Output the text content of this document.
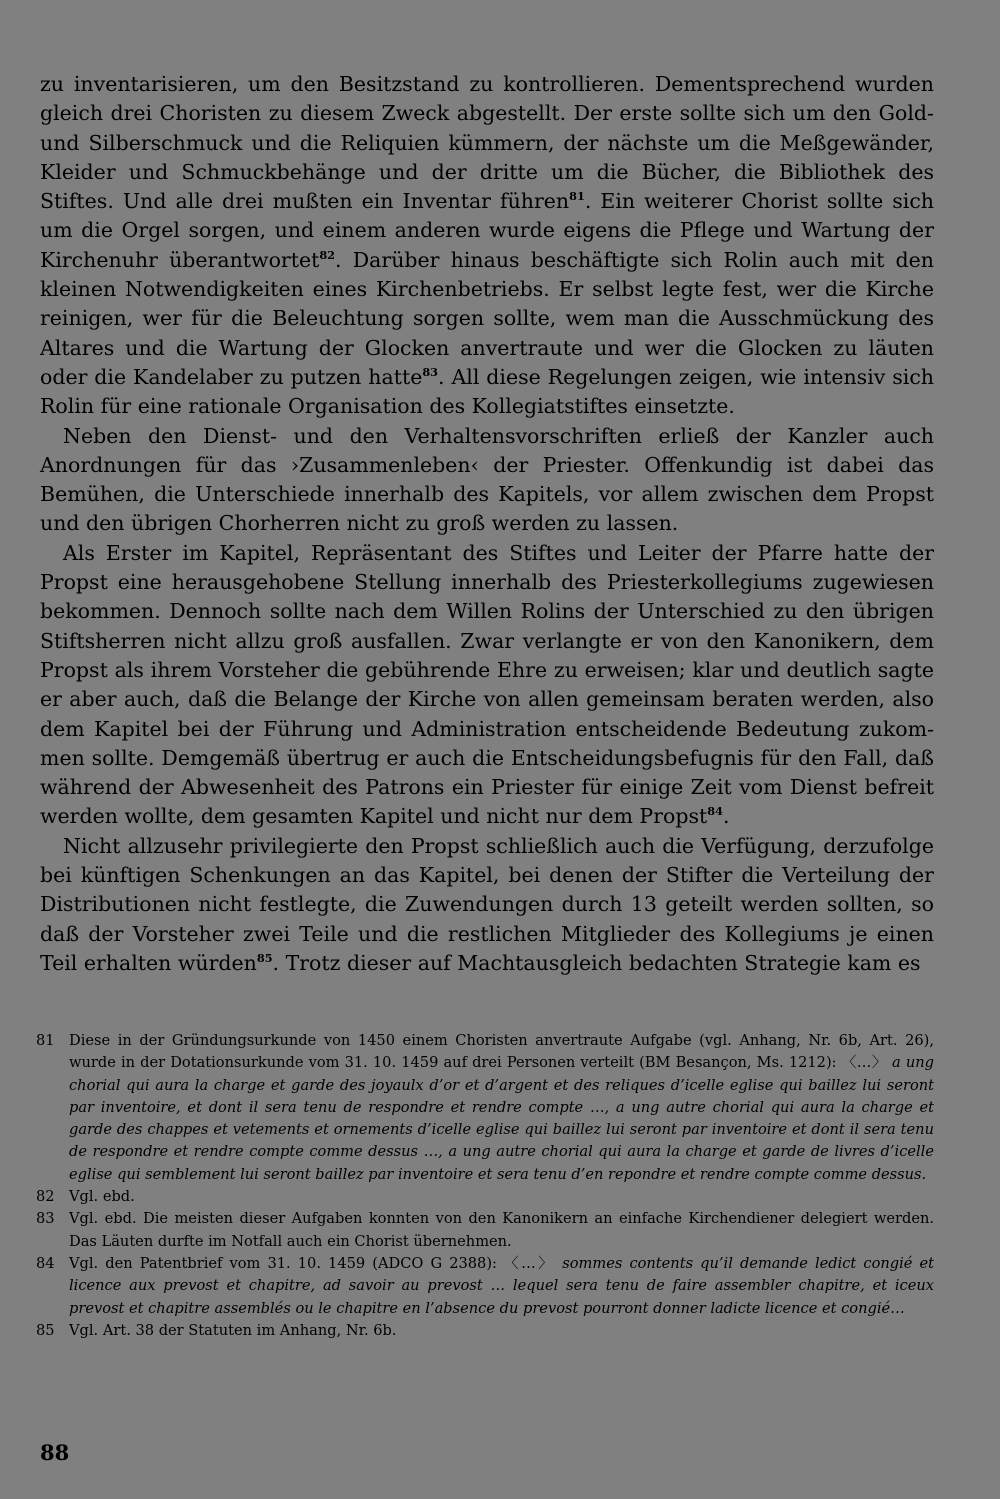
zu inventarisieren, um den Besitzstand zu kontrollieren. Dementsprechend wurden gleich drei Choristen zu diesem Zweck abgestellt. Der erste sollte sich um den Gold- und Silberschmuck und die Reliquien kümmern, der nächste um die Meßgewänder, Kleider und Schmuckbehänge und der dritte um die Bücher, die Bibliothek des Stiftes. Und alle drei mußten ein Inventar führen$^{81}$. Ein weiterer Chorist sollte sich um die Orgel sorgen, und einem anderen wurde eigens die Pflege und Wartung der Kirchenuhr überantwortet$^{82}$. Darüber hinaus beschäftigte sich Rolin auch mit den kleinen Notwendigkeiten eines Kirchenbetriebs. Er selbst legte fest, wer die Kirche reinigen, wer für die Beleuchtung sorgen sollte, wem man die Ausschmückung des Altares und die Wartung der Glocken anvertraute und wer die Glocken zu läuten oder die Kandelaber zu putzen hatte$^{83}$. All diese Regelungen zeigen, wie intensiv sich Rolin für eine rationale Organisation des Kollegiatstiftes einsetzte.

Neben den Dienst- und den Verhaltensvorschriften erließ der Kanzler auch Anordnungen für das ›Zusammenleben‹ der Priester. Offenkundig ist dabei das Bemühen, die Unterschiede innerhalb des Kapitels, vor allem zwischen dem Propst und den übrigen Chorherren nicht zu groß werden zu lassen.

Als Erster im Kapitel, Repräsentant des Stiftes und Leiter der Pfarre hatte der Propst eine herausgehobene Stellung innerhalb des Priesterkollegiums zugewiesen bekommen. Dennoch sollte nach dem Willen Rolins der Unterschied zu den übrigen Stiftsherren nicht allzu groß ausfallen. Zwar verlangte er von den Kanonikern, dem Propst als ihrem Vorsteher die gebührende Ehre zu erweisen; klar und deutlich sagte er aber auch, daß die Belange der Kirche von allen gemeinsam beraten werden, also dem Kapitel bei der Führung und Administration entscheidende Bedeutung zukommen sollte. Demgemäß übertrug er auch die Entscheidungsbefugnis für den Fall, daß während der Abwesenheit des Patrons ein Priester für einige Zeit vom Dienst befreit werden wollte, dem gesamten Kapitel und nicht nur dem Propst$^{84}$.

Nicht allzusehr privilegierte den Propst schließlich auch die Verfügung, derzufolge bei künftigen Schenkungen an das Kapitel, bei denen der Stifter die Verteilung der Distributionen nicht festlegte, die Zuwendungen durch 13 geteilt werden sollten, so daß der Vorsteher zwei Teile und die restlichen Mitglieder des Kollegiums je einen Teil erhalten würden$^{85}$. Trotz dieser auf Machtausgleich bedachten Strategie kam es

81 Diese in der Gründungsurkunde von 1450 einem Choristen anvertraute Aufgabe (vgl. Anhang, Nr. 6b, Art. 26), wurde in der Dotationsurkunde vom 31. 10. 1459 auf drei Personen verteilt (BM Besançon, Ms. 1212): 〈…〉 a ung chorial qui aura la charge et garde des joyaulx d’or et d’argent et des reliques d’icelle eglise qui baillez lui seront par inventoire, et dont il sera tenu de respondre et rendre compte …, a ung autre chorial qui aura la charge et garde des chappes et vetements et ornements d’icelle eglise qui baillez lui seront par inventoire et dont il sera tenu de respondre et rendre compte comme dessus …, a ung autre chorial qui aura la charge et garde de livres d’icelle eglise qui semblement lui seront baillez par inventoire et sera tenu d’en repondre et rendre compte comme dessus.
82 Vgl. ebd.
83 Vgl. ebd. Die meisten dieser Aufgaben konnten von den Kanonikern an einfache Kirchendiener delegiert werden. Das Läuten durfte im Notfall auch ein Chorist übernehmen.
84 Vgl. den Patentbrief vom 31. 10. 1459 (ADCO G 2388): 〈…〉 sommes contents qu’il demande ledict congié et licence aux prevost et chapitre, ad savoir au prevost … lequel sera tenu de faire assembler chapitre, et iceux prevost et chapitre assemblés ou le chapitre en l’absence du prevost pourront donner ladicte licence et congié…
85 Vgl. Art. 38 der Statuten im Anhang, Nr. 6b.
88
